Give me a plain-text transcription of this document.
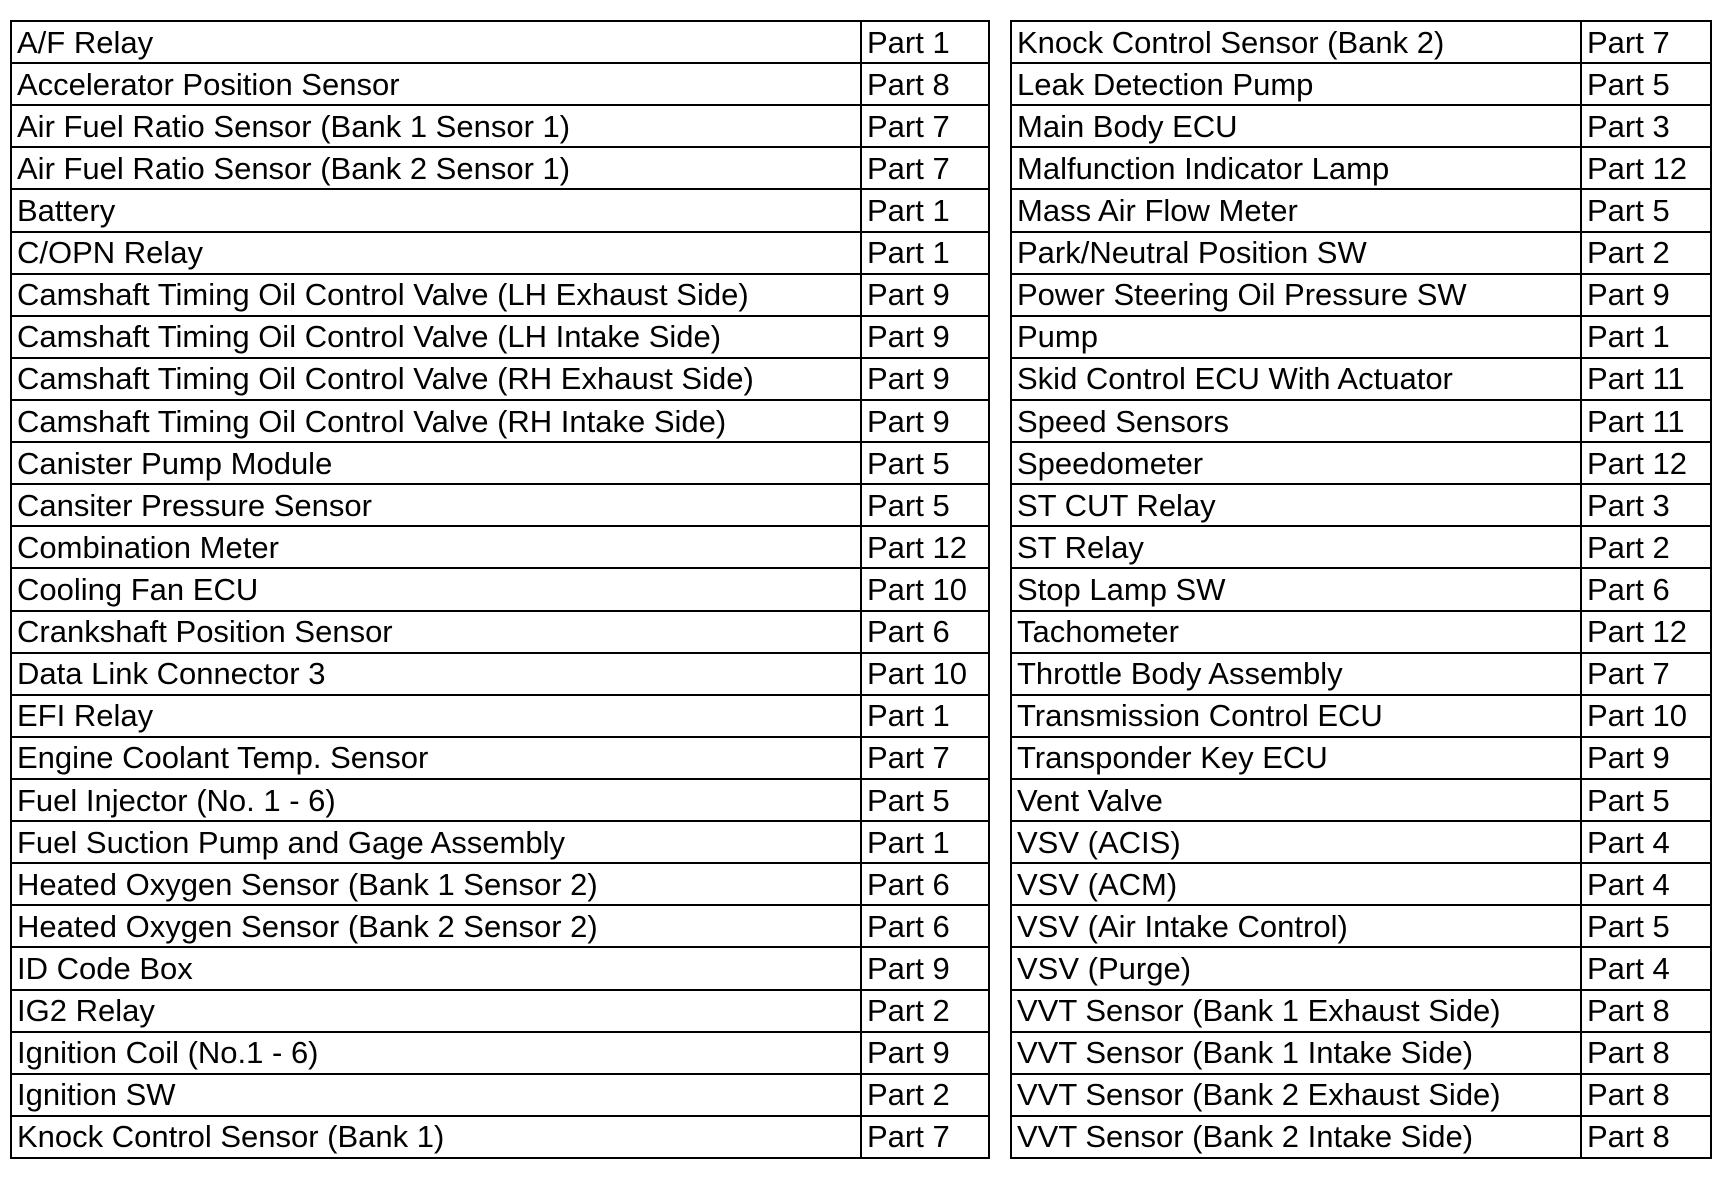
A/F Relay	Part 1
Accelerator Position Sensor	Part 8
Air Fuel Ratio Sensor (Bank 1 Sensor 1)	Part 7
Air Fuel Ratio Sensor (Bank 2 Sensor 1)	Part 7
Battery	Part 1
C/OPN Relay	Part 1
Camshaft Timing Oil Control Valve (LH Exhaust Side)	Part 9
Camshaft Timing Oil Control Valve (LH Intake Side)	Part 9
Camshaft Timing Oil Control Valve (RH Exhaust Side)	Part 9
Camshaft Timing Oil Control Valve (RH Intake Side)	Part 9
Canister Pump Module	Part 5
Cansiter Pressure Sensor	Part 5
Combination Meter	Part 12
Cooling Fan ECU	Part 10
Crankshaft Position Sensor	Part 6
Data Link Connector 3	Part 10
EFI Relay	Part 1
Engine Coolant Temp. Sensor	Part 7
Fuel Injector (No. 1 - 6)	Part 5
Fuel Suction Pump and Gage Assembly	Part 1
Heated Oxygen Sensor (Bank 1 Sensor 2)	Part 6
Heated Oxygen Sensor (Bank 2 Sensor 2)	Part 6
ID Code Box	Part 9
IG2 Relay	Part 2
Ignition Coil (No.1 - 6)	Part 9
Ignition SW	Part 2
Knock Control Sensor (Bank 1)	Part 7
Knock Control Sensor (Bank 2)	Part 7
Leak Detection Pump	Part 5
Main Body ECU	Part 3
Malfunction Indicator Lamp	Part 12
Mass Air Flow Meter	Part 5
Park/Neutral Position SW	Part 2
Power Steering Oil Pressure SW	Part 9
Pump	Part 1
Skid Control ECU With Actuator	Part 11
Speed Sensors	Part 11
Speedometer	Part 12
ST CUT Relay	Part 3
ST Relay	Part 2
Stop Lamp SW	Part 6
Tachometer	Part 12
Throttle Body Assembly	Part 7
Transmission Control ECU	Part 10
Transponder Key ECU	Part 9
Vent Valve	Part 5
VSV (ACIS)	Part 4
VSV (ACM)	Part 4
VSV (Air Intake Control)	Part 5
VSV (Purge)	Part 4
VVT Sensor (Bank 1 Exhaust Side)	Part 8
VVT Sensor (Bank 1 Intake Side)	Part 8
VVT Sensor (Bank 2 Exhaust Side)	Part 8
VVT Sensor (Bank 2 Intake Side)	Part 8
